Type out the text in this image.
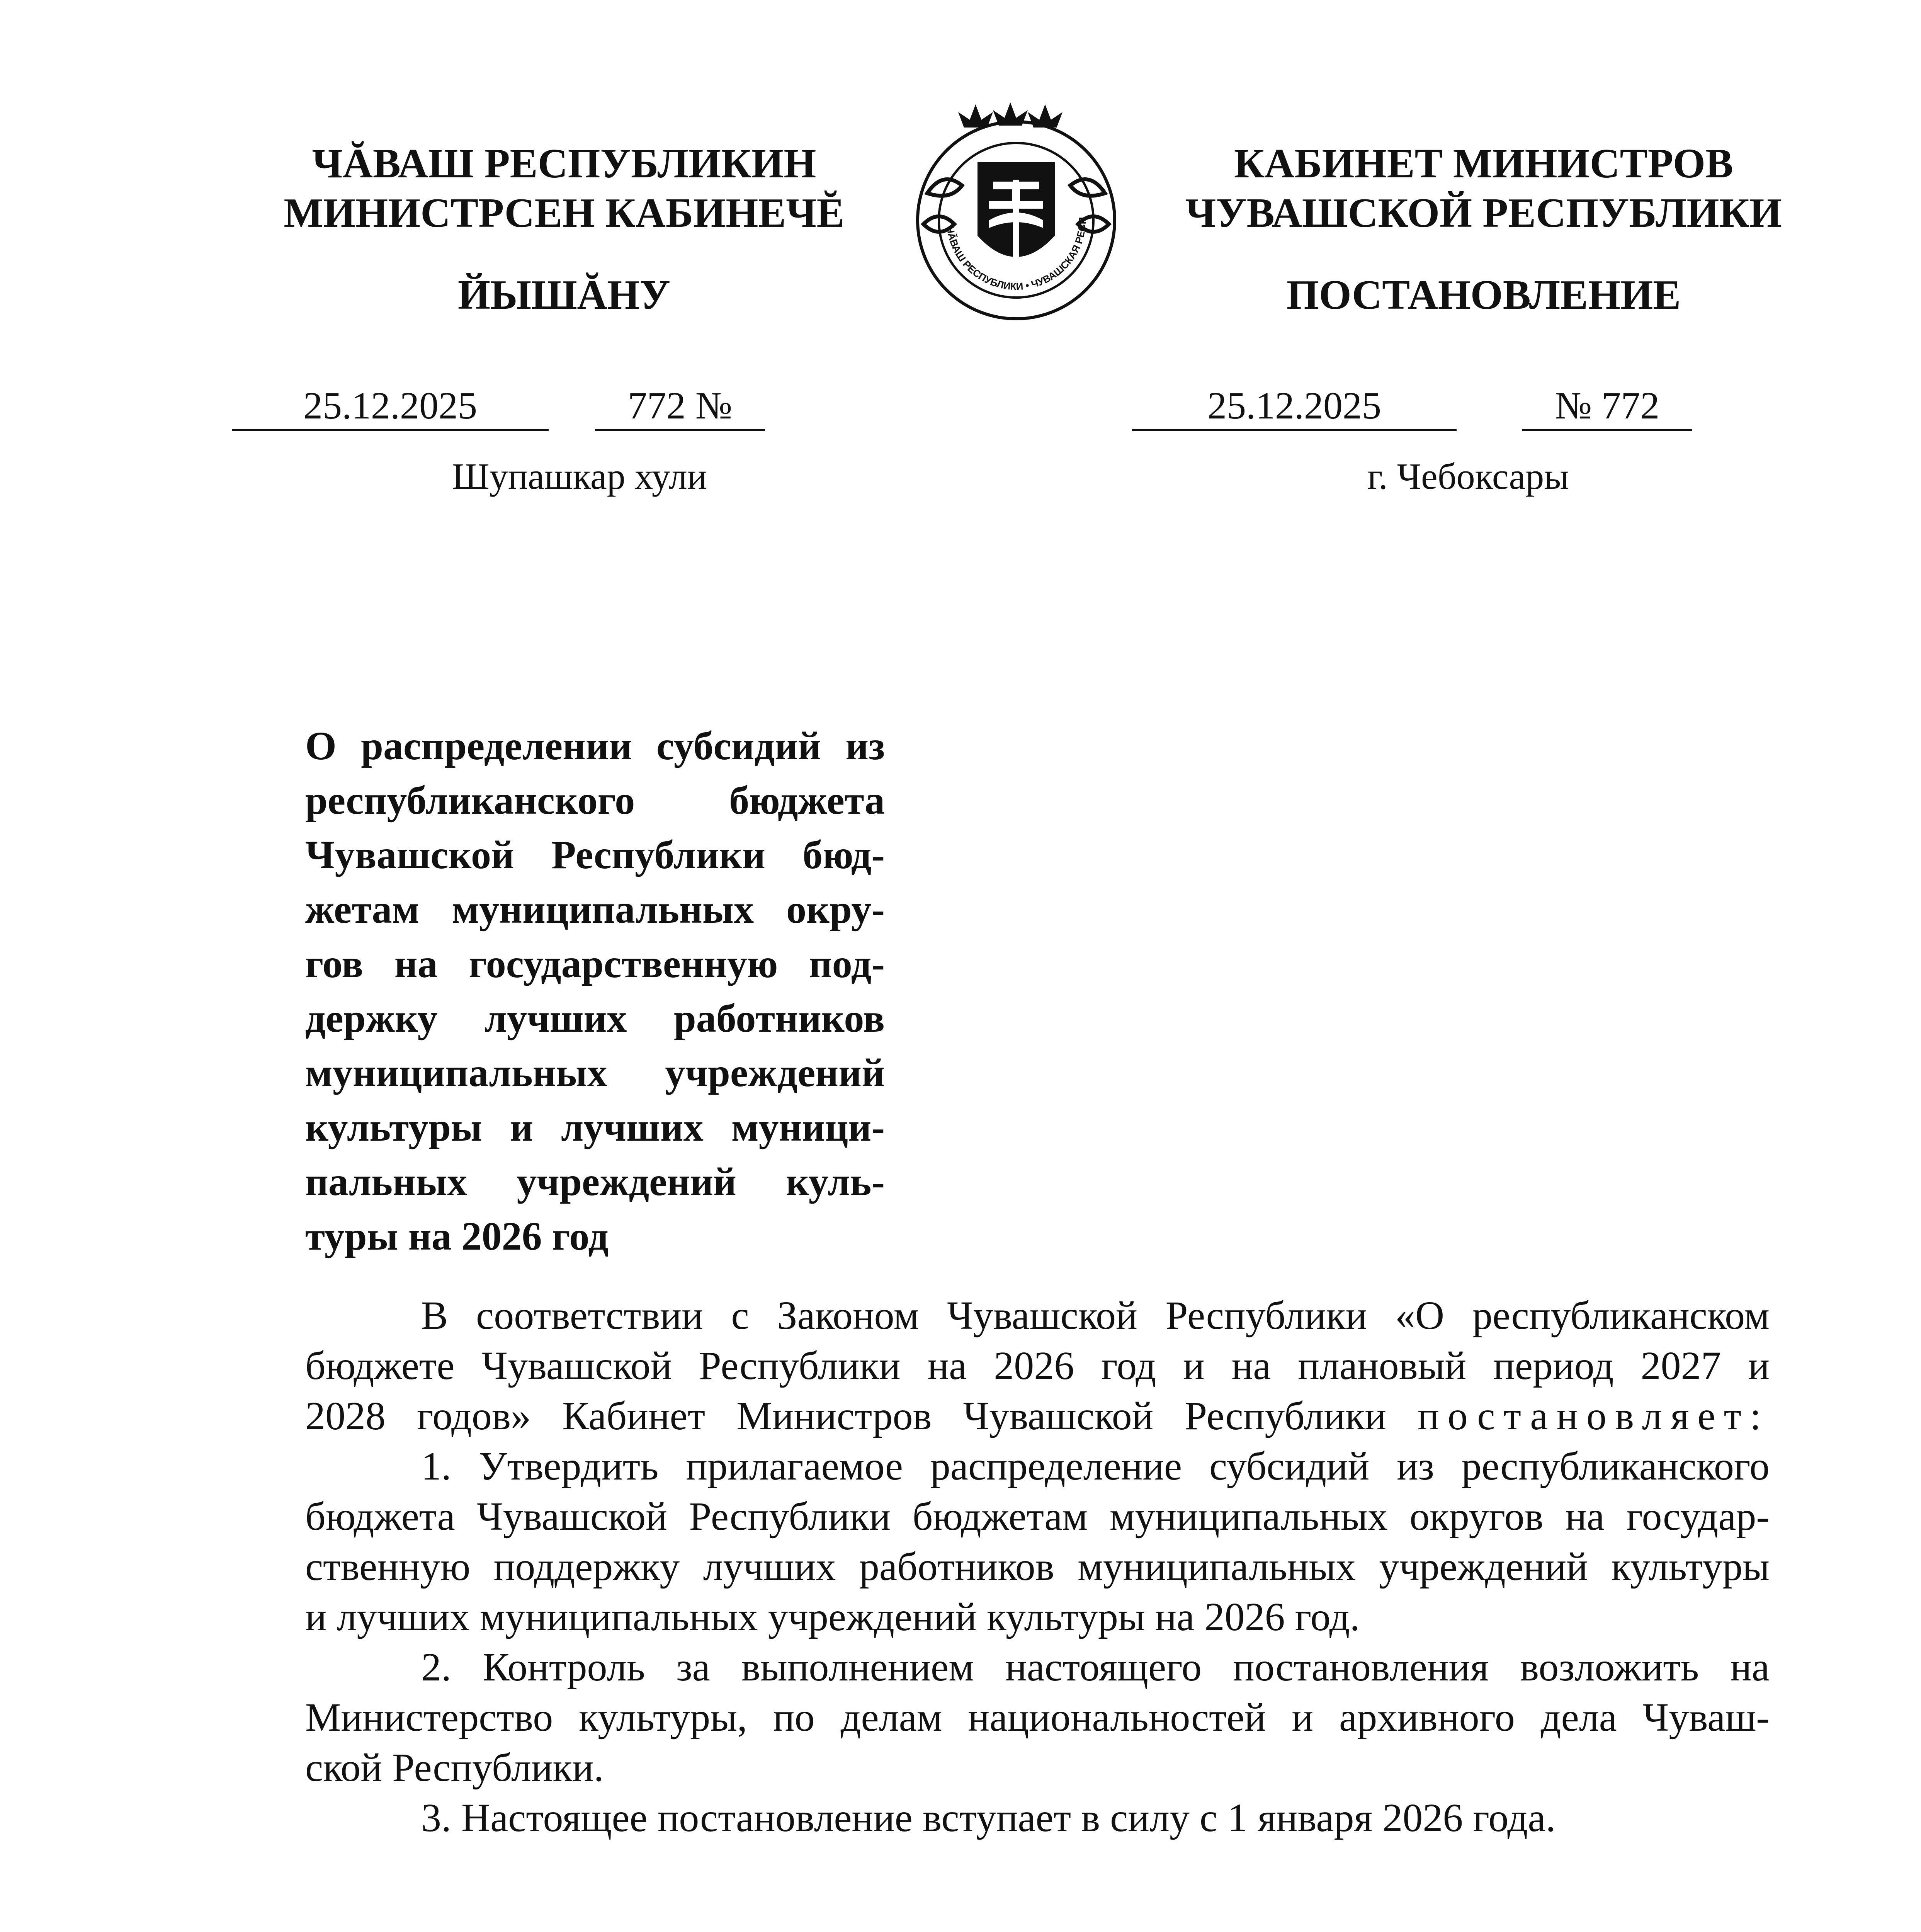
ЧĂВАШ РЕСПУБЛИКИН
МИНИСТРСЕН КАБИНЕЧĔ
ЙЫШĂНУ
КАБИНЕТ МИНИСТРОВ
ЧУВАШСКОЙ РЕСПУБЛИКИ
ПОСТАНОВЛЕНИЕ
ЧĂВАШ РЕСПУБЛИКИ • ЧУВАШСКАЯ РЕСП
25.12.2025	772 №	25.12.2025	№ 772
Шупашкар хули	г. Чебоксары
О распределении субсидий из
республиканского бюджета
Чувашской Республики бюд-
жетам муниципальных окру-
гов на государственную под-
держку лучших работников
муниципальных учреждений
культуры и лучших муници-
пальных учреждений куль-
туры на 2026 год
В соответствии с Законом Чувашской Республики «О республиканском
бюджете Чувашской Республики на 2026 год и на плановый период 2027 и
2028 годов» Кабинет Министров Чувашской Республики постановляет:
1. Утвердить прилагаемое распределение субсидий из республиканского
бюджета Чувашской Республики бюджетам муниципальных округов на государ-
ственную поддержку лучших работников муниципальных учреждений культуры
и лучших муниципальных учреждений культуры на 2026 год.
2. Контроль за выполнением настоящего постановления возложить на
Министерство культуры, по делам национальностей и архивного дела Чуваш-
ской Республики.
3. Настоящее постановление вступает в силу с 1 января 2026 года.
